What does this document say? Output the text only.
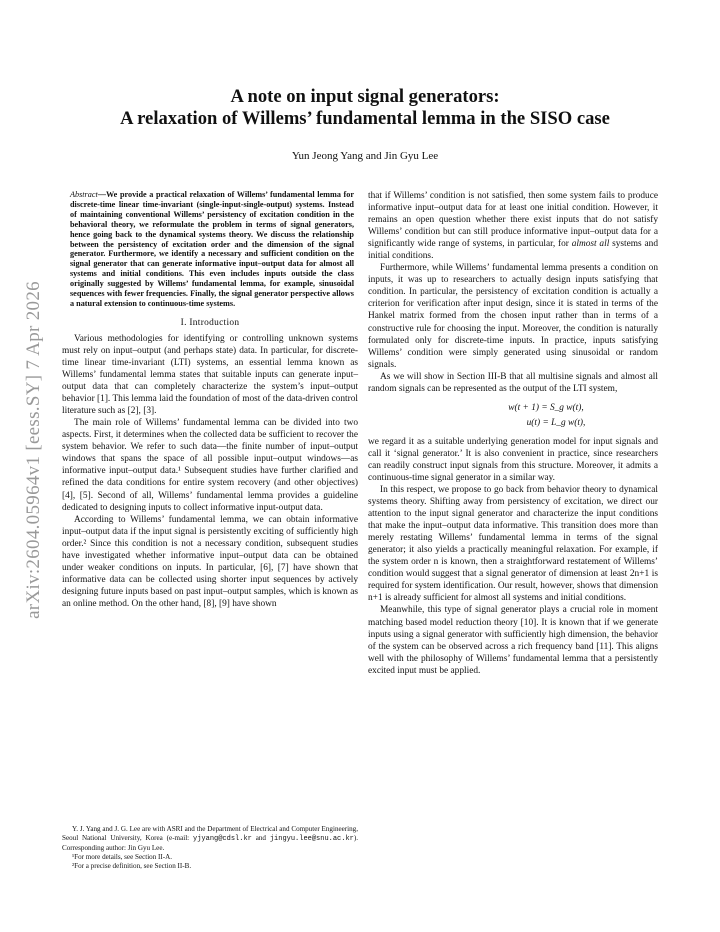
arXiv:2604.05964v1 [eess.SY] 7 Apr 2026
A note on input signal generators:
A relaxation of Willems’ fundamental lemma in the SISO case
Yun Jeong Yang and Jin Gyu Lee

Abstract—We provide a practical relaxation of Willems’ fundamental lemma for discrete-time linear time-invariant (single-input-single-output) systems. Instead of maintaining conventional Willems’ persistency of excitation condition in the behavioral theory, we reformulate the problem in terms of signal generators, hence going back to the dynamical systems theory. We discuss the relationship between the persistency of excitation order and the dimension of the signal generator. Furthermore, we identify a necessary and sufficient condition on the signal generator that can generate informative input–output data for almost all systems and initial conditions. This even includes inputs outside the class originally suggested by Willems’ fundamental lemma, for example, sinusoidal sequences with fewer frequencies. Finally, the signal generator perspective allows a natural extension to continuous-time systems.

I. Introduction

Various methodologies for identifying or controlling unknown systems must rely on input–output (and perhaps state) data. In particular, for discrete-time linear time-invariant (LTI) systems, an essential lemma known as Willems’ fundamental lemma states that suitable inputs can generate input–output data that can completely characterize the system’s input–output behavior [1]. This lemma laid the foundation of most of the data-driven control literature such as [2], [3].

The main role of Willems’ fundamental lemma can be divided into two aspects. First, it determines when the collected data be sufficient to recover the system behavior. We refer to such data—the finite number of input–output windows that spans the space of all possible input–output windows—as informative input–output data.¹ Subsequent studies have further clarified and refined the data conditions for entire system recovery (and other objectives) [4], [5]. Second of all, Willems’ fundamental lemma provides a guideline dedicated to designing inputs to collect informative input-output data.

According to Willems’ fundamental lemma, we can obtain informative input–output data if the input signal is persistently exciting of sufficiently high order.² Since this condition is not a necessary condition, subsequent studies have investigated whether informative input–output data can be obtained under weaker conditions on inputs. In particular, [6], [7] have shown that informative data can be collected using shorter input sequences by actively designing future inputs based on past input–output samples, which is known as an online method. On the other hand, [8], [9] have shown

Y. J. Yang and J. G. Lee are with ASRI and the Department of Electrical and Computer Engineering, Seoul National University, Korea (e-mail: yjyang@cdsl.kr and jingyu.lee@snu.ac.kr). Corresponding author: Jin Gyu Lee.

¹For more details, see Section II-A.

²For a precise definition, see Section II-B.

that if Willems’ condition is not satisfied, then some system fails to produce informative input–output data for at least one initial condition. However, it remains an open question whether there exist inputs that do not satisfy Willems’ condition but can still produce informative input–output data for a significantly wide range of systems, in particular, for almost all systems and initial conditions.

Furthermore, while Willems’ fundamental lemma presents a condition on inputs, it was up to researchers to actually design inputs satisfying that condition. In particular, the persistency of excitation condition is actually a criterion for verification after input design, since it is stated in terms of the Hankel matrix formed from the chosen input rather than in terms of a constructive rule for choosing the input. Moreover, the condition is naturally formulated only for discrete-time inputs. In practice, inputs satisfying Willems’ condition were simply generated using sinusoidal or random signals.

As we will show in Section III-B that all multisine signals and almost all random signals can be represented as the output of the LTI system,

w(t + 1) = S_g w(t),
u(t) = L_g w(t),

we regard it as a suitable underlying generation model for input signals and call it ‘signal generator.’ It is also convenient in practice, since researchers can readily construct input signals from this structure. Moreover, it admits a continuous-time signal generator in a similar way.

In this respect, we propose to go back from behavior theory to dynamical systems theory. Shifting away from persistency of excitation, we direct our attention to the input signal generator and characterize the input conditions that make the input–output data informative. This transition does more than merely restating Willems’ fundamental lemma in terms of the signal generator; it also yields a practically meaningful relaxation. For example, if the system order n is known, then a straightforward restatement of Willems’ condition would suggest that a signal generator of dimension at least 2n+1 is required for system identification. Our result, however, shows that dimension n+1 is already sufficient for almost all systems and initial conditions.

Meanwhile, this type of signal generator plays a crucial role in moment matching based model reduction theory [10]. It is known that if we generate inputs using a signal generator with sufficiently high dimension, the behavior of the system can be observed across a rich frequency band [11]. This aligns well with the philosophy of Willems’ fundamental lemma that a persistently excited input must be applied.
